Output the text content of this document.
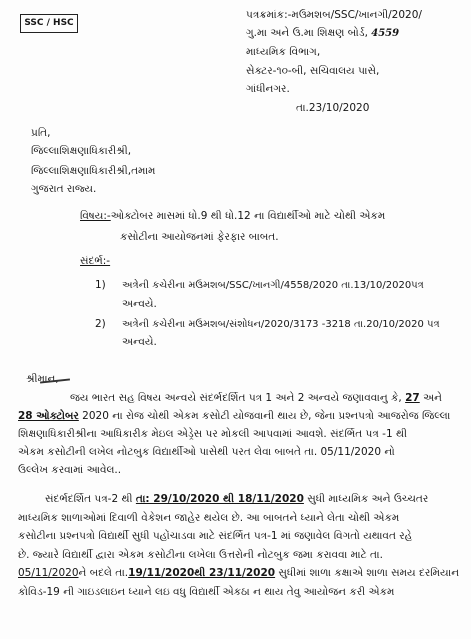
SSC / HSC
પત્રક્રમાંક:-મઉમશબ/SSC/ખાનગી/2020/
ગુ.મા અને ઉ.મા શિક્ષણ બોર્ડ, 4559
માધ્યમિક વિભાગ,
સેક્ટર-૧૦-બી, સચિવાલય પાસે,
ગાંધીનગર.
તા.23/10/2020
પ્રતિ,
જિલ્લાશિક્ષણાધિકારીશ્રી,
જિલ્લાશિક્ષણાધિકારીશ્રી,તમામ
ગુજરાત રાજ્ય.
વિષય:-ઓક્ટોબર માસમાં ધો.9 થી ધો.12 ના વિદ્યાર્થીઓ માટે ચોથી એકમ
કસોટીના આયોજનમાં ફેરફાર બાબત.
સંદર્ભ:-
1) અત્રેની કચેરીના મઉમશબ/SSC/ખાનગી/4558/2020 તા.13/10/2020પત્ર
અન્વયે.
2) અત્રેની કચેરીના મઉમશબ/સંશોધન/2020/3173 -3218 તા.20/10/2020 પત્ર
અન્વયે.
શ્રીમાન,
જય ભારત સહ વિષય અન્વયે સંદર્ભદર્શિત પત્ર 1 અને 2 અન્વયે જણાવવાનુ કે, 27 અને
28 ઓક્ટોબર 2020 ના રોજ ચોથી એકમ કસોટી યોજવાની થાય છે, જેના પ્રશ્નપત્રો આજરોજ જિલ્લા
શિક્ષણાધિકારીશ્રીના આધિકારીક મેઇલ એડ્રેસ પર મોકલી આપવામાં આવશે. સંદર્ભિત પત્ર -1 થી
એકમ કસોટીની લખેલ નોટબુક વિદ્યાર્થીઓ પાસેથી પરત લેવા બાબતે તા. 05/11/2020 નો
ઉલ્લેખ કરવામાં આવેલ..
સંદર્ભદર્શિત પત્ર-2 થી તા: 29/10/2020 થી 18/11/2020 સુધી માધ્યમિક અને ઉચ્ચતર
માધ્યમિક શાળાઓમાં દિવાળી વેકેશન જાહેર થયેલ છે. આ બાબતને ધ્યાને લેતા ચોથી એકમ
કસોટીના પ્રશ્નપત્રો વિદ્યાર્થી સુધી પહોંચાડવા માટે સંદર્ભિત પત્ર-1 માં જણાવેલ વિગતો યથાવત રહે
છે. જ્યારે વિદ્યાર્થી દ્વારા એકમ કસોટીના લખેલા ઉત્તરોની નોટબુક જમા કરાવવા માટે તા.
05/11/2020ને બદલે તા.19/11/2020થી 23/11/2020 સુધીમાં શાળા કક્ષાએ શાળા સમય દરમિયાન
કોવિડ-19 ની ગાઇડલાઇન ધ્યાને લઇ વધુ વિદ્યાર્થી એકઠા ન થાય તેવુ આયોજન કરી એકમ
